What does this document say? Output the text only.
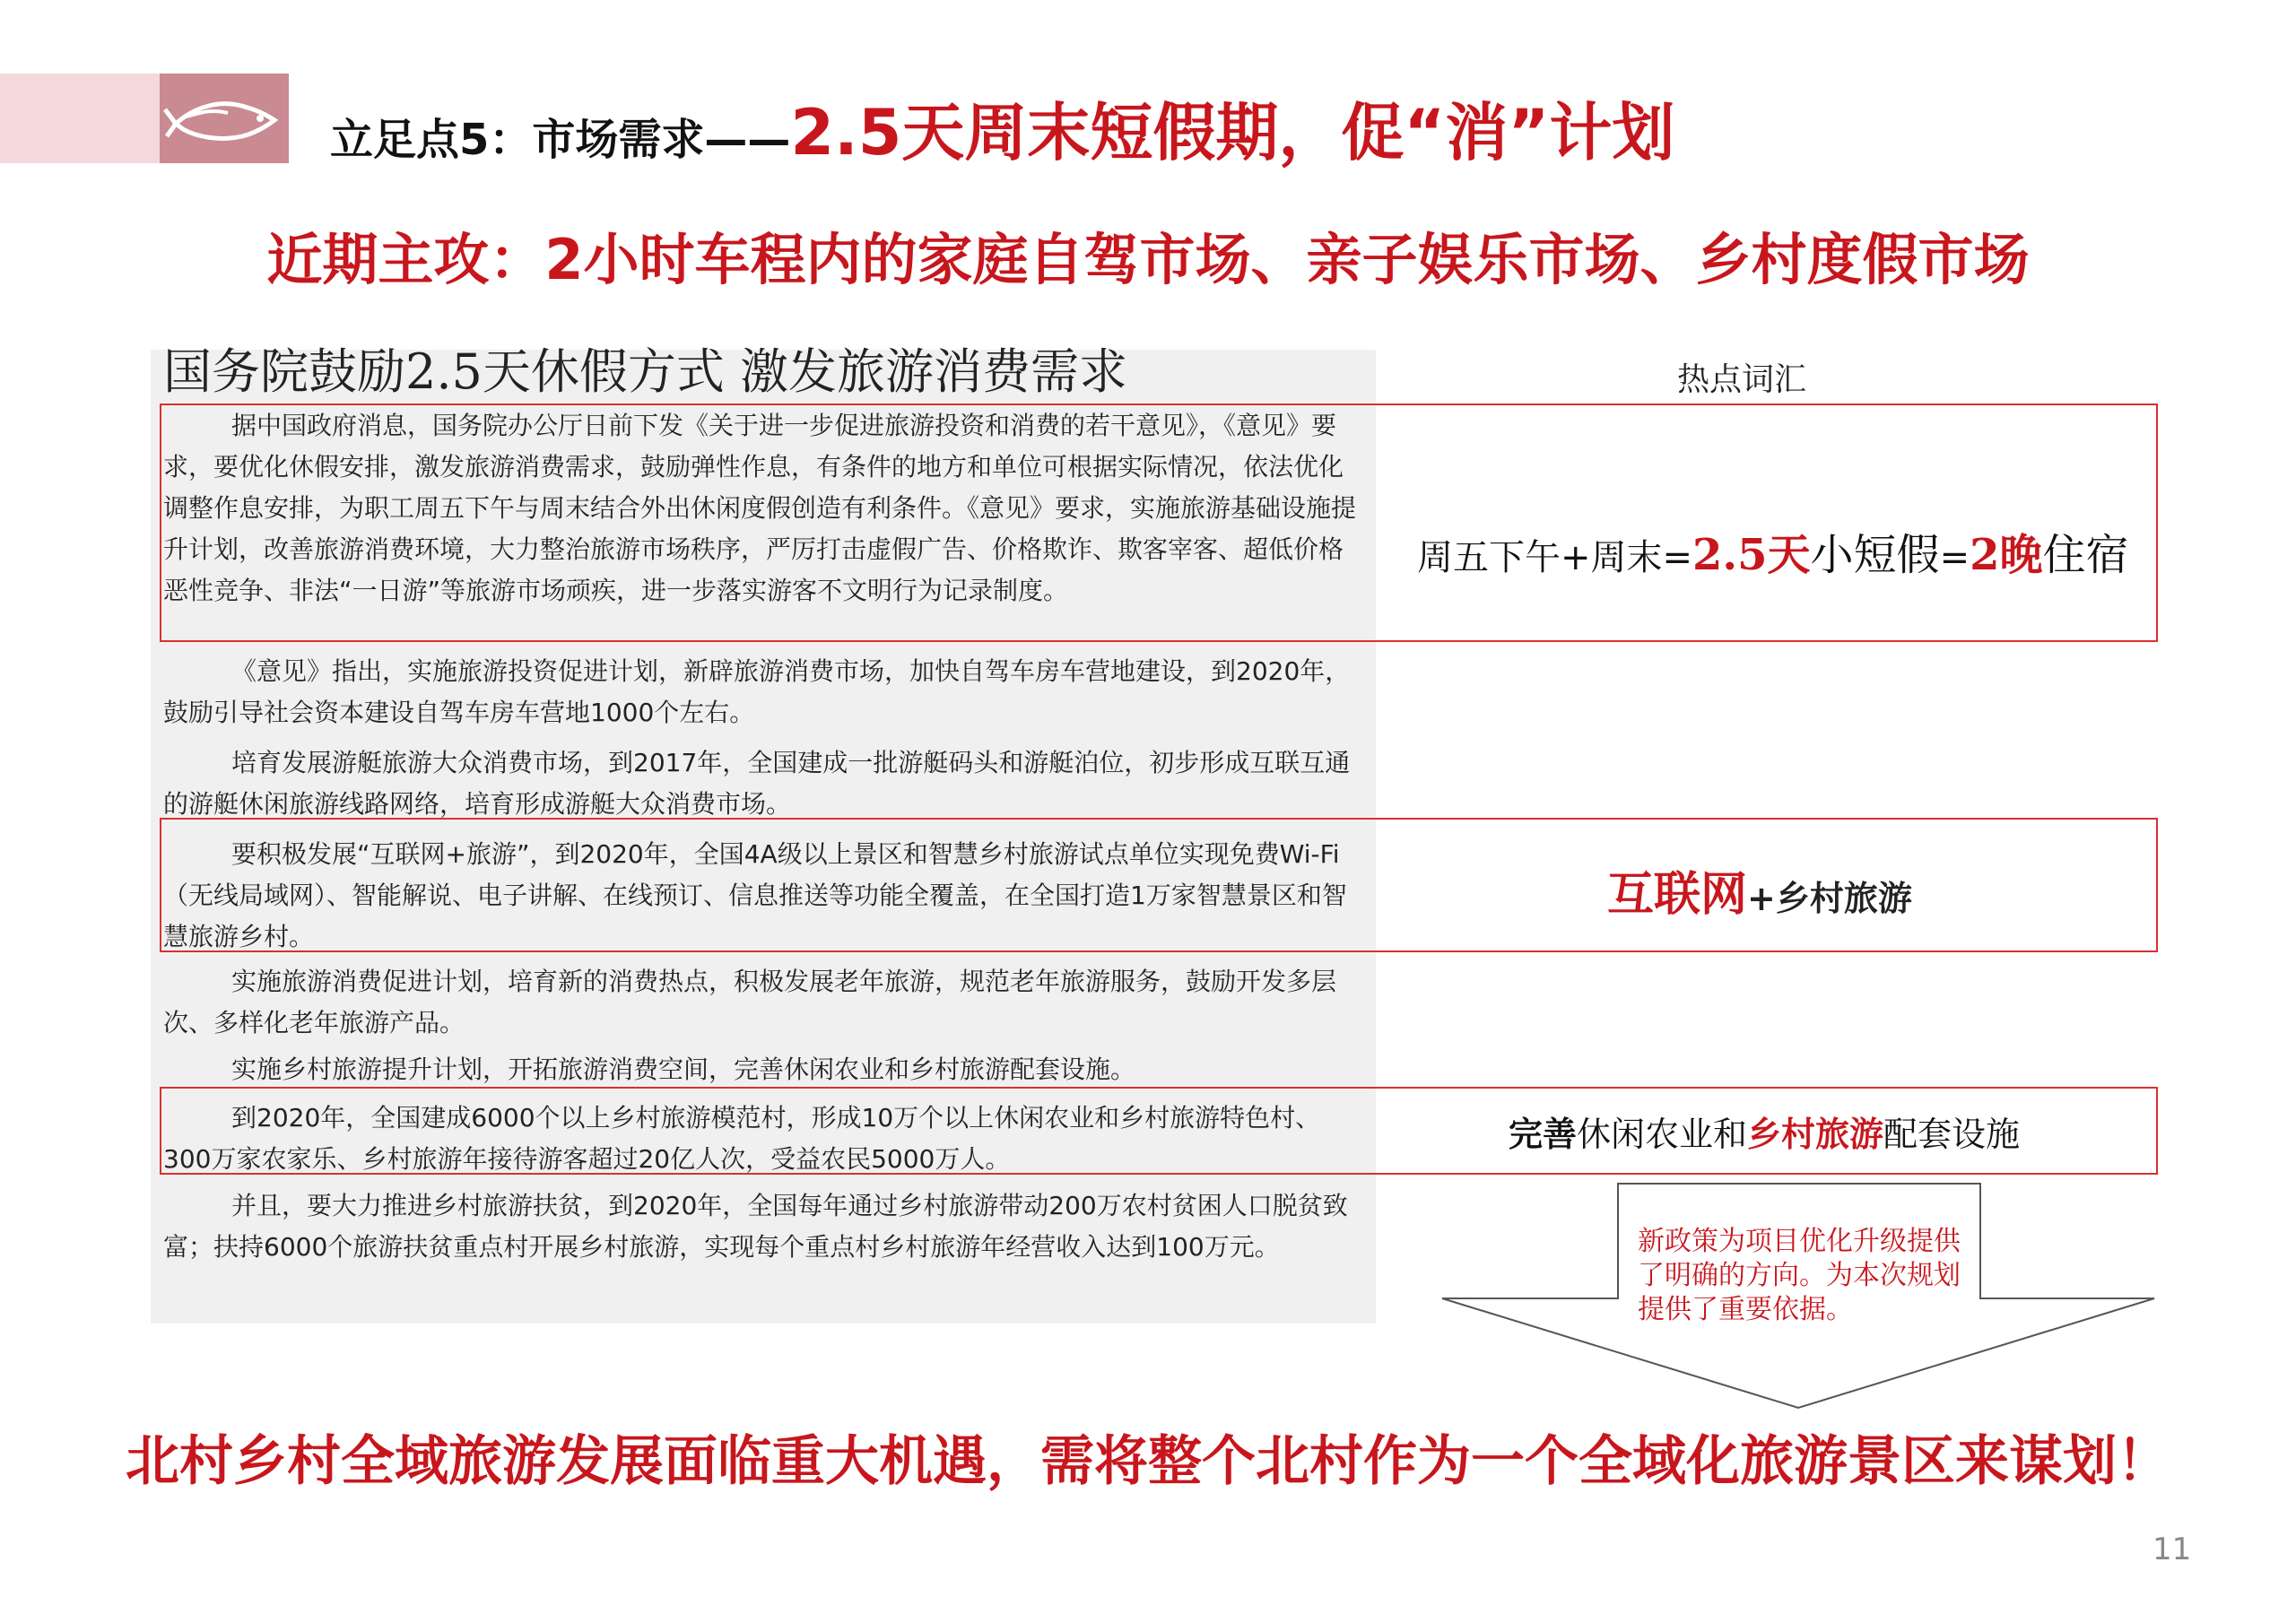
立足点5：市场需求—— 2.5天周末短假期，促“消”计划
近期主攻：2小时车程内的家庭自驾市场、亲子娱乐市场、乡村度假市场
国务院鼓励2.5天休假方式 激发旅游消费需求
据中国政府消息，国务院办公厅日前下发《关于进一步促进旅游投资和消费的若干意见》，《意见》要求，要优化休假安排，激发旅游消费需求，鼓励弹性作息，有条件的地方和单位可根据实际情况，依法优化调整作息安排，为职工周五下午与周末结合外出休闲度假创造有利条件。《意见》要求，实施旅游基础设施提升计划，改善旅游消费环境，大力整治旅游市场秩序，严厉打击虚假广告、价格欺诈、欺客宰客、超低价格恶性竞争、非法“一日游”等旅游市场顽疾，进一步落实游客不文明行为记录制度。
《意见》指出，实施旅游投资促进计划，新辟旅游消费市场，加快自驾车房车营地建设，到2020年，鼓励引导社会资本建设自驾车房车营地1000个左右。
培育发展游艇旅游大众消费市场，到2017年，全国建成一批游艇码头和游艇泊位，初步形成互联互通的游艇休闲旅游线路网络，培育形成游艇大众消费市场。
要积极发展“互联网+旅游”，到2020年，全国4A级以上景区和智慧乡村旅游试点单位实现免费Wi-Fi（无线局域网）、智能解说、电子讲解、在线预订、信息推送等功能全覆盖，在全国打造1万家智慧景区和智慧旅游乡村。
实施旅游消费促进计划，培育新的消费热点，积极发展老年旅游，规范老年旅游服务，鼓励开发多层次、多样化老年旅游产品。
实施乡村旅游提升计划，开拓旅游消费空间，完善休闲农业和乡村旅游配套设施。
到2020年，全国建成6000个以上乡村旅游模范村，形成10万个以上休闲农业和乡村旅游特色村、300万家农家乐、乡村旅游年接待游客超过20亿人次，受益农民5000万人。
并且，要大力推进乡村旅游扶贫，到2020年，全国每年通过乡村旅游带动200万农村贫困人口脱贫致富；扶持6000个旅游扶贫重点村开展乡村旅游，实现每个重点村乡村旅游年经营收入达到100万元。
热点词汇
周五下午+周末=2.5天小短假=2晚住宿
互联网+乡村旅游
完善休闲农业和乡村旅游配套设施
新政策为项目优化升级提供了明确的方向。为本次规划提供了重要依据。
北村乡村全域旅游发展面临重大机遇，需将整个北村作为一个全域化旅游景区来谋划！
11
